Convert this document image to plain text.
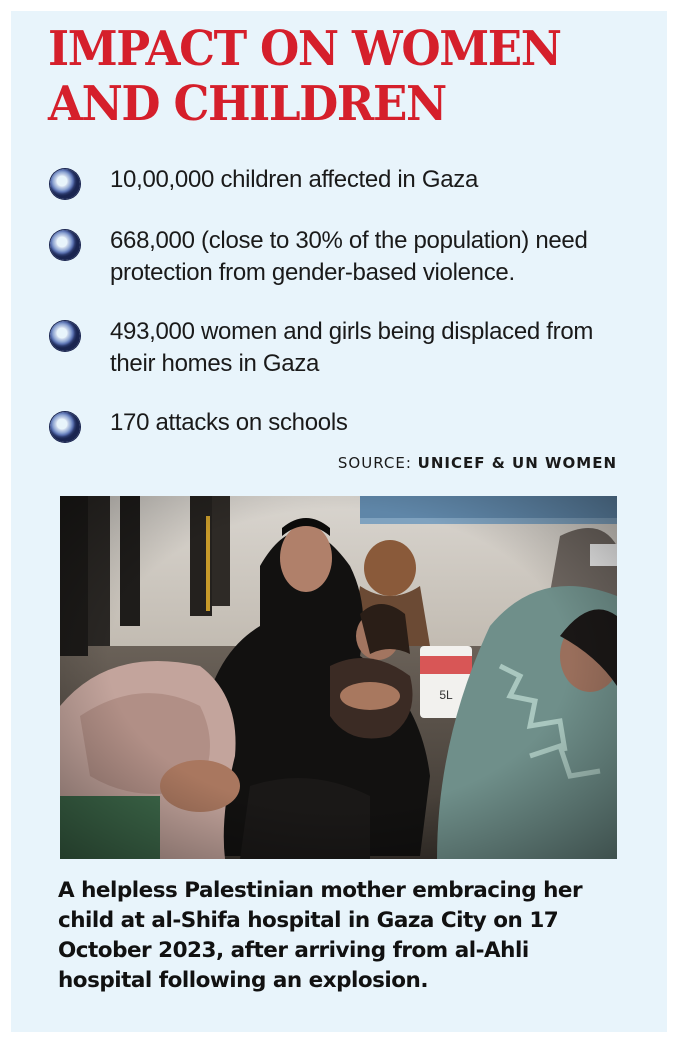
IMPACT ON WOMEN AND CHILDREN
10,00,000 children affected in Gaza
668,000 (close to 30% of the population) need protection from gender-based violence.
493,000 women and girls being displaced from their homes in Gaza
170 attacks on schools
SOURCE: UNICEF & UN WOMEN

A helpless Palestinian mother embracing her child at al-Shifa hospital in Gaza City on 17 October 2023, after arriving from al-Ahli hospital following an explosion.
